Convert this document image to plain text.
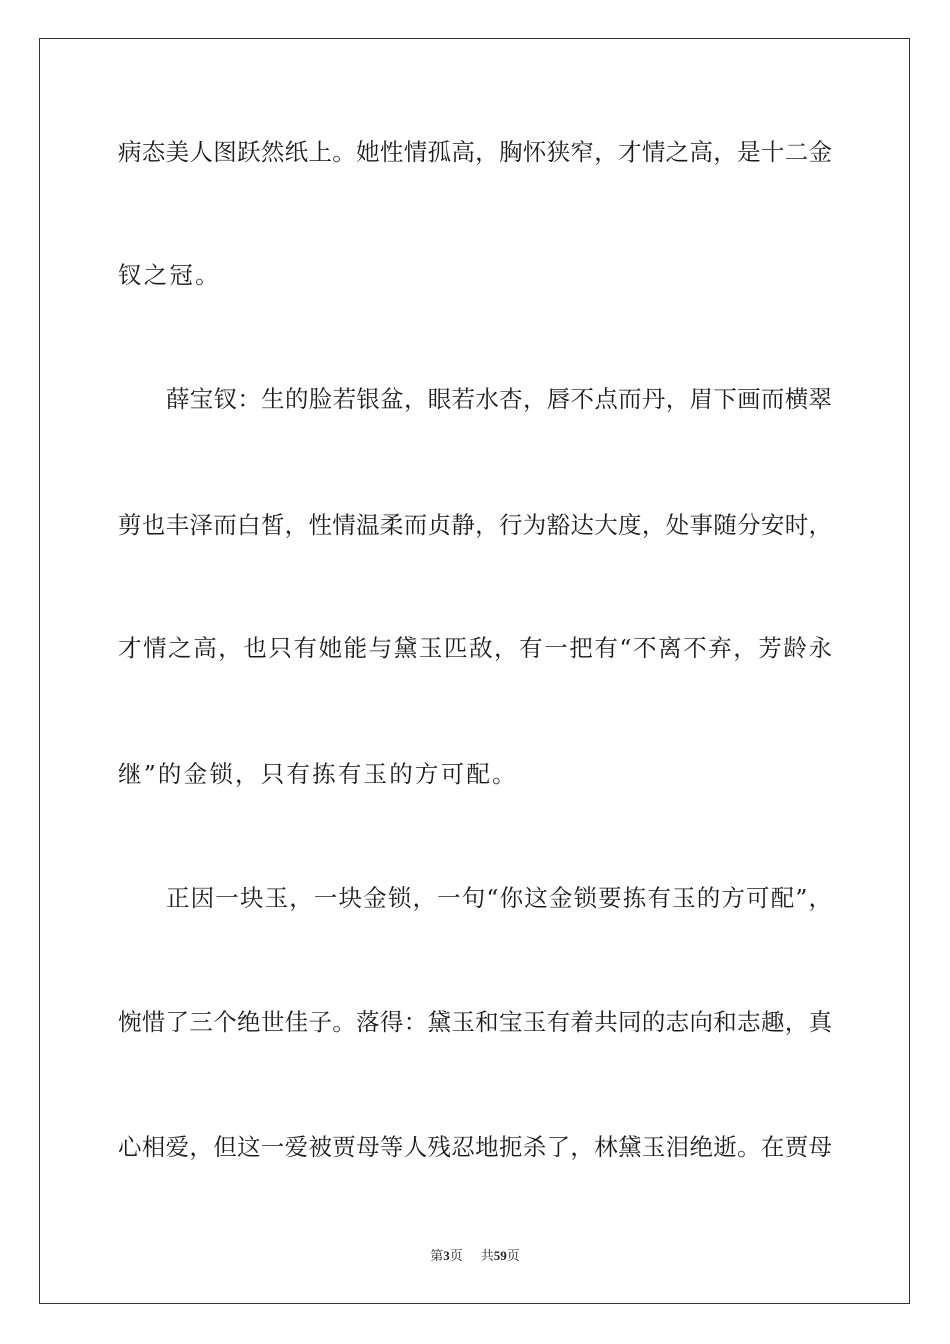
病态美人图跃然纸上。她性情孤高，胸怀狭窄，才情之高，是十二金
钗之冠。
薛宝钗：生的脸若银盆，眼若水杏，唇不点而丹，眉下画而横翠
剪也丰泽而白皙，性情温柔而贞静，行为豁达大度，处事随分安时，
才情之高，也只有她能与黛玉匹敌，有一把有“不离不弃，芳龄永
继”的金锁，只有拣有玉的方可配。
正因一块玉，一块金锁，一句“你这金锁要拣有玉的方可配”，
惋惜了三个绝世佳子。落得：黛玉和宝玉有着共同的志向和志趣，真
心相爱，但这一爱被贾母等人残忍地扼杀了，林黛玉泪绝逝。在贾母
第3页 共59页
